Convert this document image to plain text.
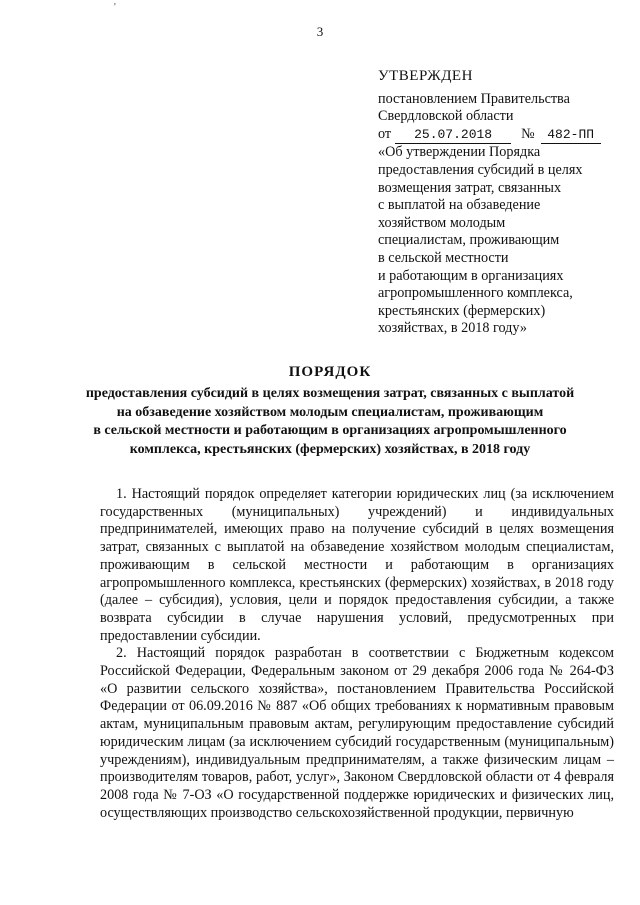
'
3
УТВЕРЖДЕН
постановлением Правительства
Свердловской области
от	25.07.2018	№ 482-ПП
«Об утверждении Порядка
предоставления субсидий в целях
возмещения затрат, связанных
с выплатой на обзаведение
хозяйством молодым
специалистам, проживающим
в сельской местности
и работающим в организациях
агропромышленного комплекса,
крестьянских (фермерских)
хозяйствах, в 2018 году»
ПОРЯДОК
предоставления субсидий в целях возмещения затрат, связанных с выплатой
на обзаведение хозяйством молодым специалистам, проживающим
в сельской местности и работающим в организациях агропромышленного
комплекса, крестьянских (фермерских) хозяйствах, в 2018 году

1. Настоящий порядок определяет категории юридических лиц (за исключением государственных (муниципальных) учреждений) и индивидуальных предпринимателей, имеющих право на получение субсидий в целях возмещения затрат, связанных с выплатой на обзаведение хозяйством молодым специалистам, проживающим в сельской местности и работающим в организациях агропромышленного комплекса, крестьянских (фермерских) хозяйствах, в 2018 году (далее – субсидия), условия, цели и порядок предоставления субсидии, а также возврата субсидии в случае нарушения условий, предусмотренных при предоставлении субсидии.

2. Настоящий порядок разработан в соответствии с Бюджетным кодексом Российской Федерации, Федеральным законом от 29 декабря 2006 года № 264-ФЗ «О развитии сельского хозяйства», постановлением Правительства Российской Федерации от 06.09.2016 № 887 «Об общих требованиях к нормативным правовым актам, муниципальным правовым актам, регулирующим предоставление субсидий юридическим лицам (за исключением субсидий государственным (муниципальным) учреждениям), индивидуальным предпринимателям, а также физическим лицам – производителям товаров, работ, услуг», Законом Свердловской области от 4 февраля 2008 года № 7-ОЗ «О государственной поддержке юридических и физических лиц, осуществляющих производство сельскохозяйственной продукции, первичную
